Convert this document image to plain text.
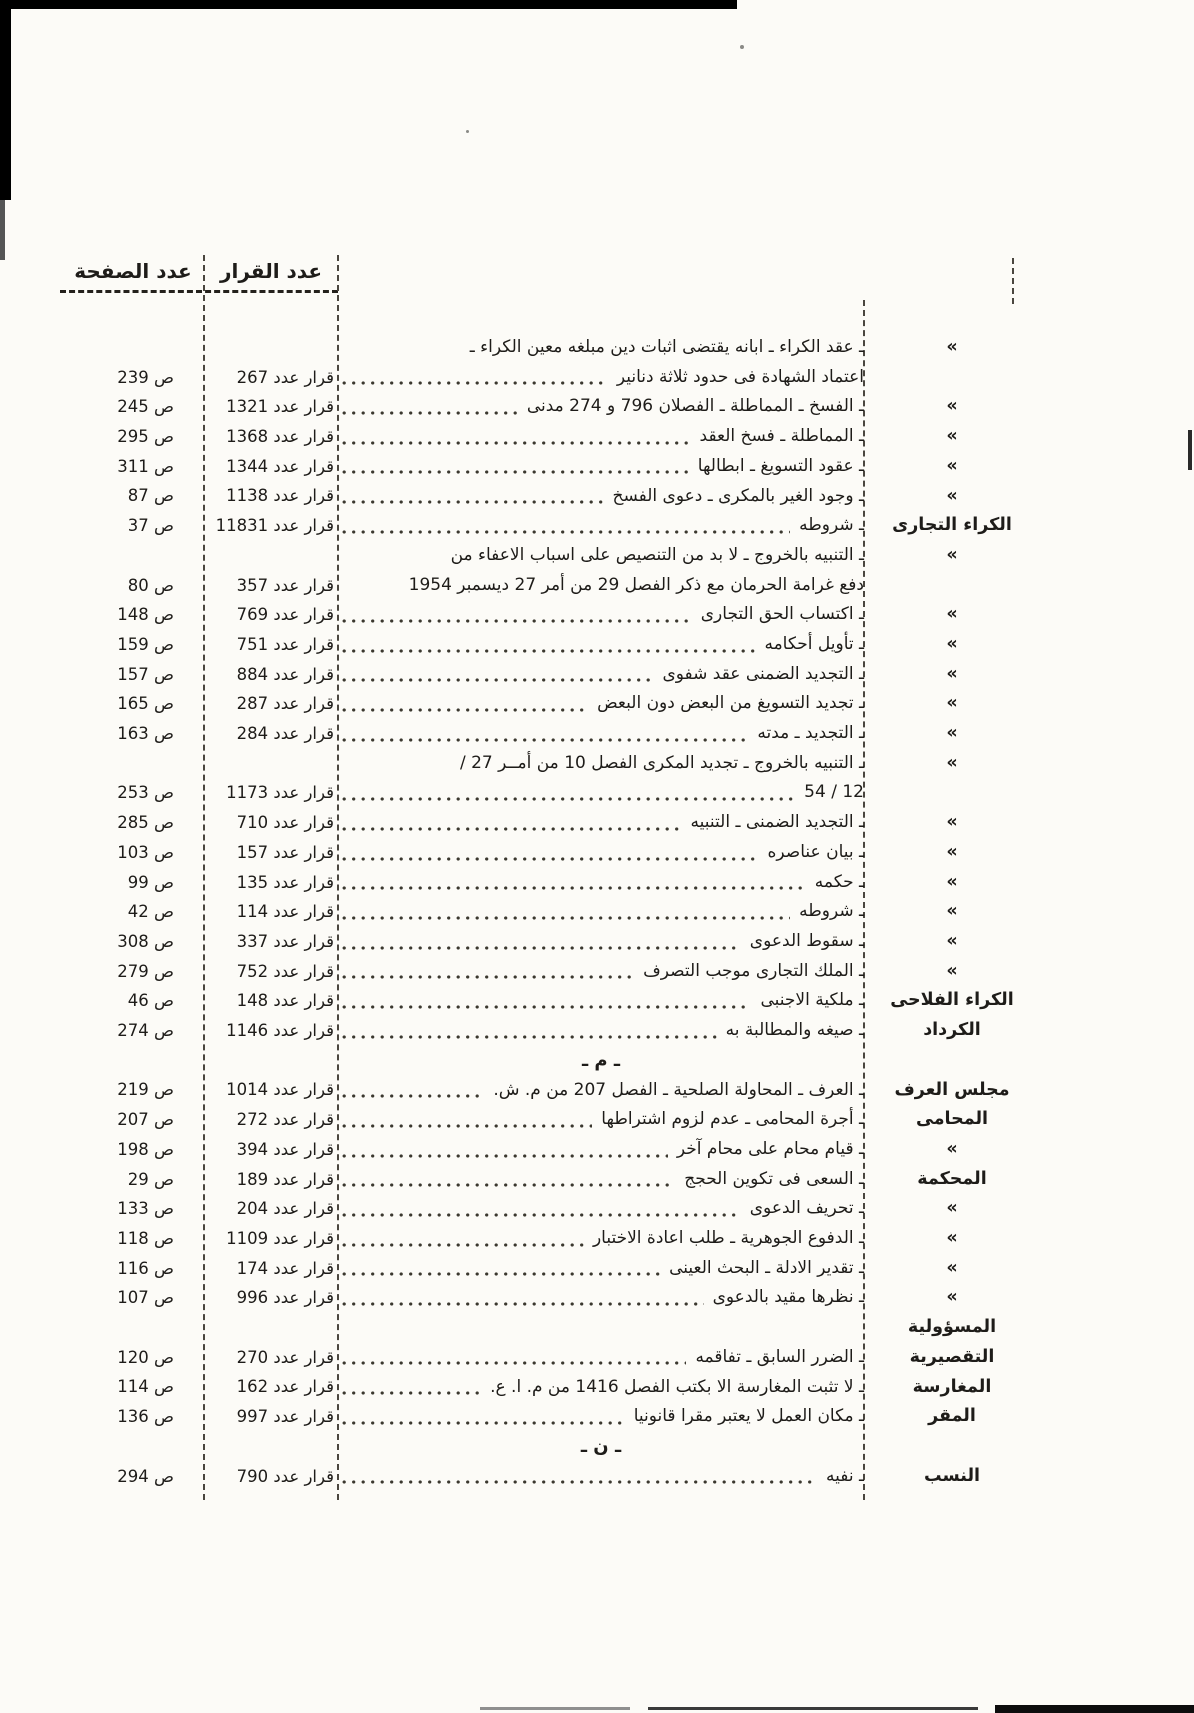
عدد الصفحة	عدد القرار
»
ـ عقد الكراء ـ ابانه يقتضى اثبات دين مبلغه معين الكراء ـ
اعتماد الشهادة فى حدود ثلاثة دنانير
قرار عدد 267
ص 239
»
ـ الفسخ ـ المماطلة ـ الفصلان 796 و 274 مدنى
قرار عدد 1321
ص 245
»
ـ المماطلة ـ فسخ العقد
قرار عدد 1368
ص 295
»
ـ عقود التسويغ ـ ابطالها
قرار عدد 1344
ص 311
»
ـ وجود الغير بالمكرى ـ دعوى الفسخ
قرار عدد 1138
ص 87
الكراء التجارى
ـ شروطه
قرار عدد 11831
ص 37
»
ـ التنبيه بالخروج ـ لا بد من التنصيص على اسباب الاعفاء من
دفع غرامة الحرمان مع ذكر الفصل 29 من أمر 27 ديسمبر 1954
قرار عدد 357
ص 80
»
ـ اكتساب الحق التجارى
قرار عدد 769
ص 148
»
ـ تأويل أحكامه
قرار عدد 751
ص 159
»
ـ التجديد الضمنى عقد شفوى
قرار عدد 884
ص 157
»
ـ تجديد التسويغ من البعض دون البعض
قرار عدد 287
ص 165
»
ـ التجديد ـ مدته
قرار عدد 284
ص 163
»
ـ التنبيه بالخروج ـ تجديد المكرى الفصل 10 من أمــر 27 /
12 / 54
قرار عدد 1173
ص 253
»
ـ التجديد الضمنى ـ التنبيه
قرار عدد 710
ص 285
»
ـ بيان عناصره
قرار عدد 157
ص 103
»
ـ حكمه
قرار عدد 135
ص 99
»
ـ شروطه
قرار عدد 114
ص 42
»
ـ سقوط الدعوى
قرار عدد 337
ص 308
»
ـ الملك التجارى موجب التصرف
قرار عدد 752
ص 279
الكراء الفلاحى
ـ ملكية الاجنبى
قرار عدد 148
ص 46
الكرداد
ـ صيغه والمطالبة به
قرار عدد 1146
ص 274
ـ م ـ
مجلس العرف
ـ العرف ـ المحاولة الصلحية ـ الفصل 207 من م. ش.
قرار عدد 1014
ص 219
المحامى
ـ أجرة المحامى ـ عدم لزوم اشتراطها
قرار عدد 272
ص 207
»
ـ قيام محام على محام آخر
قرار عدد 394
ص 198
المحكمة
ـ السعى فى تكوين الحجج
قرار عدد 189
ص 29
»
ـ تحريف الدعوى
قرار عدد 204
ص 133
»
ـ الدفوع الجوهرية ـ طلب اعادة الاختبار
قرار عدد 1109
ص 118
»
ـ تقدير الادلة ـ البحث العينى
قرار عدد 174
ص 116
»
ـ نظرها مقيد بالدعوى
قرار عدد 996
ص 107
المسؤولية
التقصيرية
ـ الضرر السابق ـ تفاقمه
قرار عدد 270
ص 120
المغارسة
ـ لا تثبت المغارسة الا بكتب الفصل 1416 من م. ا. ع.
قرار عدد 162
ص 114
المقر
ـ مكان العمل لا يعتبر مقرا قانونيا
قرار عدد 997
ص 136
ـ ن ـ
النسب
ـ نفيه
قرار عدد 790
ص 294
